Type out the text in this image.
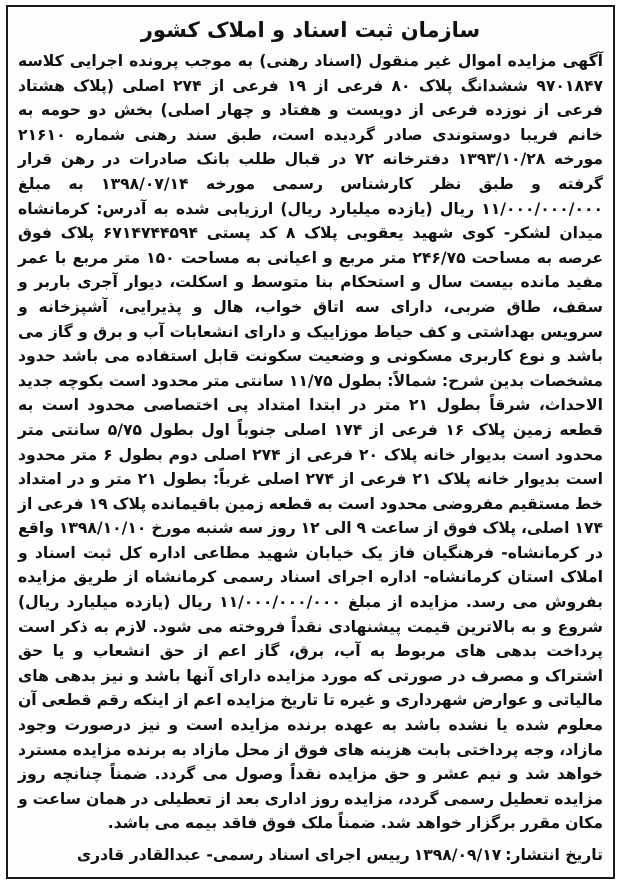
سازمان ثبت اسناد و املاک کشور

آگهی مزایده اموال غیر منقول (اسناد رهنی) به موجب پرونده اجرایی کلاسه ۹۷۰۱۸۴۷ ششدانگ پلاک ۸۰ فرعی از ۱۹ فرعی از ۲۷۴ اصلی (پلاک هشتاد فرعی از نوزده فرعی از دویست و هفتاد و چهار اصلی) بخش دو حومه به خانم فریبا دوستوندی صادر گردیده است، طبق سند رهنی شماره ۲۱۶۱۰ مورخه ۱۳۹۳/۱۰/۲۸ دفترخانه ۷۲ در قبال طلب بانک صادرات در رهن قرار گرفته و طبق نظر کارشناس رسمی مورخه ۱۳۹۸/۰۷/۱۴ به مبلغ ۱۱/۰۰۰/۰۰۰/۰۰۰ ریال (یازده میلیارد ریال) ارزیابی شده به آدرس: کرمانشاه میدان لشکر- کوی شهید یعقوبی پلاک ۸ کد پستی ۶۷۱۴۷۴۴۵۹۴ پلاک فوق عرصه به مساحت ۲۴۶/۷۵ متر مربع و اعیانی به مساحت ۱۵۰ متر مربع با عمر مفید مانده بیست سال و استحکام بنا متوسط و اسکلت، دیوار آجری باربر و سقف، طاق ضربی، دارای سه اتاق خواب، هال و پذیرایی، آشپزخانه و سرویس بهداشتی و کف حیاط موزاییک و دارای انشعابات آب و برق و گاز می باشد و نوع کاربری مسکونی و وضعیت سکونت قابل استفاده می باشد حدود مشخصات بدین شرح: شمالاً: بطول ۱۱/۷۵ سانتی متر محدود است بکوچه جدید الاحداث، شرقاً بطول ۲۱ متر در ابتدا امتداد پی اختصاصی محدود است به قطعه زمین پلاک ۱۶ فرعی از ۱۷۴ اصلی جنوباً اول بطول ۵/۷۵ سانتی متر محدود است بدیوار خانه پلاک ۲۰ فرعی از ۲۷۴ اصلی دوم بطول ۶ متر محدود است بدیوار خانه پلاک ۲۱ فرعی از ۲۷۴ اصلی غرباً: بطول ۲۱ متر و در امتداد خط مستقیم مفروضی محدود است به قطعه زمین باقیمانده پلاک ۱۹ فرعی از ۱۷۴ اصلی، پلاک فوق از ساعت ۹ الی ۱۲ روز سه شنبه مورخ ۱۳۹۸/۱۰/۱۰ واقع در کرمانشاه- فرهنگیان فاز یک خیابان شهید مطاعی اداره کل ثبت اسناد و املاک استان کرمانشاه- اداره اجرای اسناد رسمی کرمانشاه از طریق مزایده بفروش می رسد. مزایده از مبلغ ۱۱/۰۰۰/۰۰۰/۰۰۰ ریال (یازده میلیارد ریال) شروع و به بالاترین قیمت پیشنهادی نقداً فروخته می شود. لازم به ذکر است پرداخت بدهی های مربوط به آب، برق، گاز اعم از حق انشعاب و یا حق اشتراک و مصرف در صورتی که مورد مزایده دارای آنها باشد و نیز بدهی های مالیاتی و عوارض شهرداری و غیره تا تاریخ مزایده اعم از اینکه رقم قطعی آن معلوم شده یا نشده باشد به عهده برنده مزایده است و نیز درصورت وجود مازاد، وجه پرداختی بابت هزینه های فوق از محل مازاد به برنده مزایده مسترد خواهد شد و نیم عشر و حق مزایده نقداً وصول می گردد. ضمناً چنانچه روز مزایده تعطیل رسمی گردد، مزایده روز اداری بعد از تعطیلی در همان ساعت و مکان مقرر برگزار خواهد شد. ضمناً ملک فوق فاقد بیمه می باشد.

تاریخ انتشار:
۱۳۹۸/۰۹/۱۷
رییس اجرای اسناد رسمی- عبدالقادر قادری
